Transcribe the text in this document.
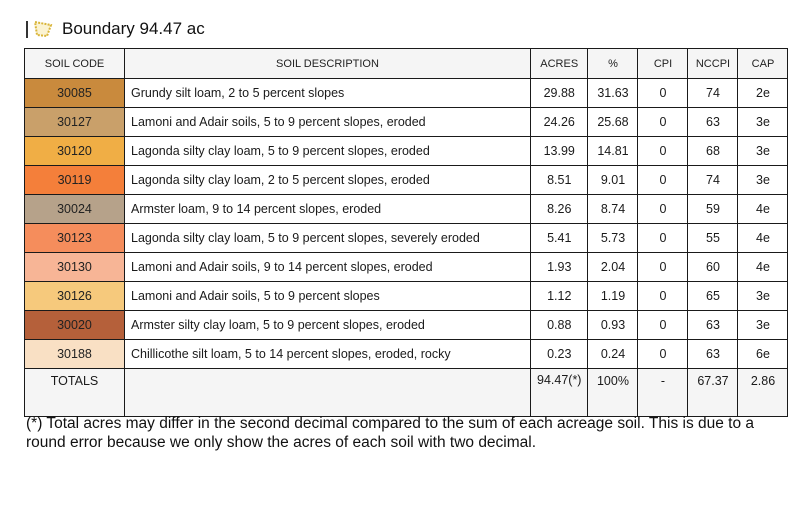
Boundary 94.47 ac
SOIL CODE	SOIL DESCRIPTION	ACRES	%	CPI	NCCPI	CAP
30085	Grundy silt loam, 2 to 5 percent slopes	29.88	31.63	0	74	2e
30127	Lamoni and Adair soils, 5 to 9 percent slopes, eroded	24.26	25.68	0	63	3e
30120	Lagonda silty clay loam, 5 to 9 percent slopes, eroded	13.99	14.81	0	68	3e
30119	Lagonda silty clay loam, 2 to 5 percent slopes, eroded	8.51	9.01	0	74	3e
30024	Armster loam, 9 to 14 percent slopes, eroded	8.26	8.74	0	59	4e
30123	Lagonda silty clay loam, 5 to 9 percent slopes, severely eroded	5.41	5.73	0	55	4e
30130	Lamoni and Adair soils, 9 to 14 percent slopes, eroded	1.93	2.04	0	60	4e
30126	Lamoni and Adair soils, 5 to 9 percent slopes	1.12	1.19	0	65	3e
30020	Armster silty clay loam, 5 to 9 percent slopes, eroded	0.88	0.93	0	63	3e
30188	Chillicothe silt loam, 5 to 14 percent slopes, eroded, rocky	0.23	0.24	0	63	6e
TOTALS		94.47(*)	100%	-	67.37	2.86
(*) Total acres may differ in the second decimal compared to the sum of each acreage soil. This is due to a round error because we only show the acres of each soil with two decimal.
